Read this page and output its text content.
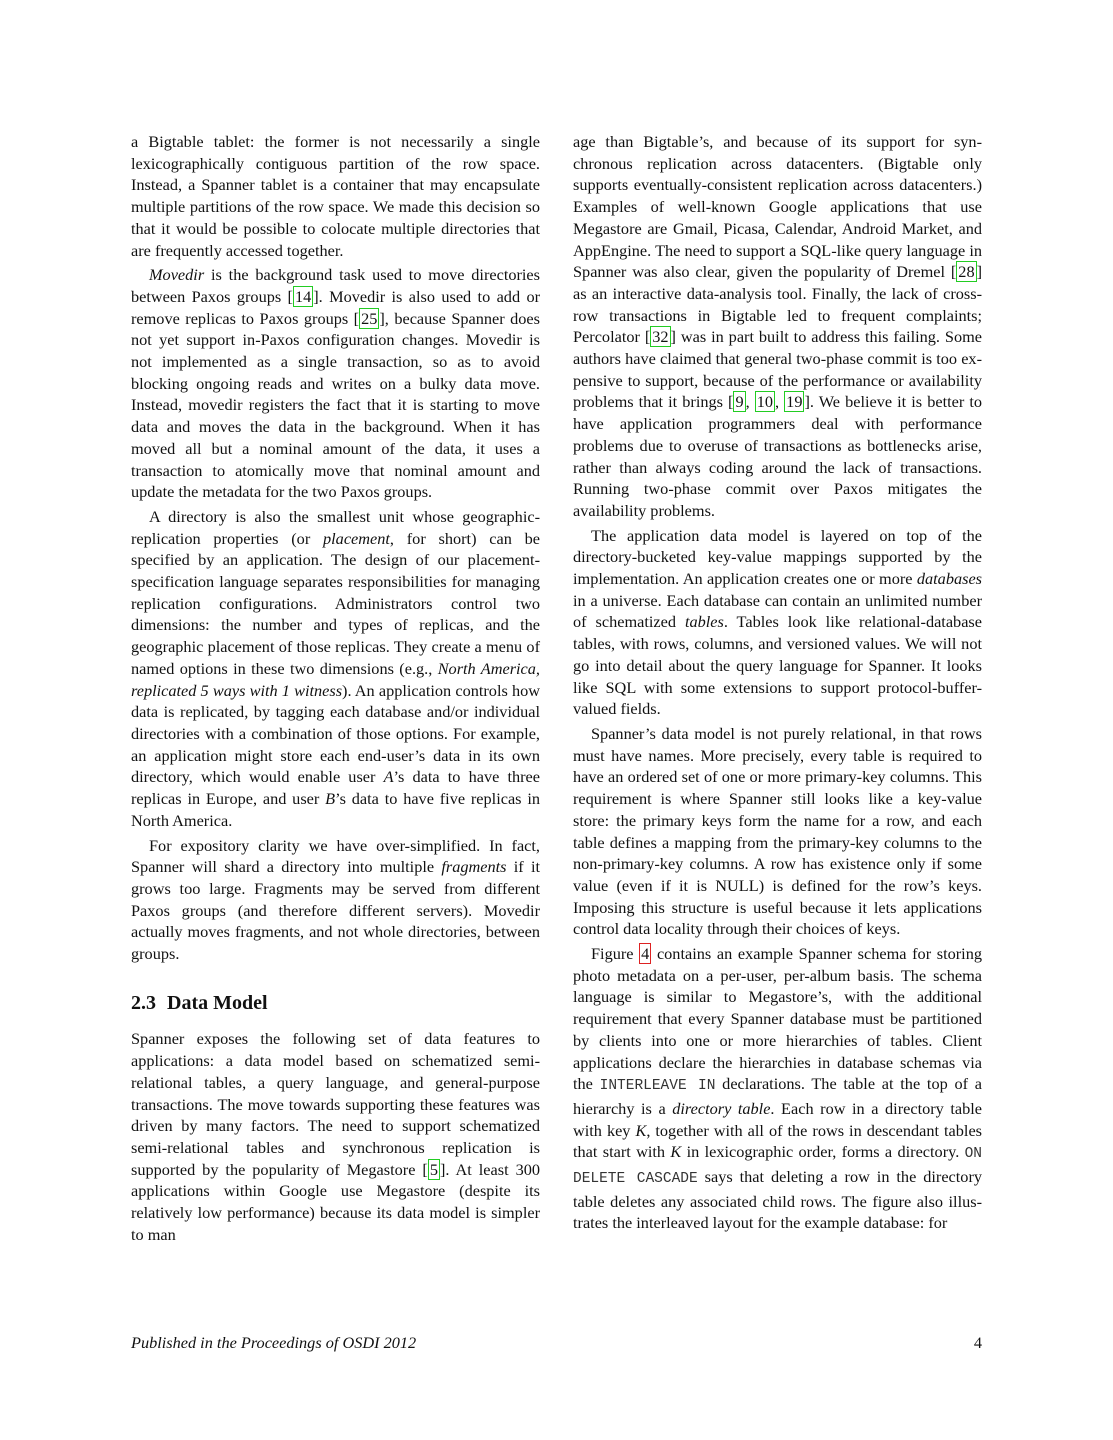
a Bigtable tablet: the former is not necessarily a single lexicographically contiguous partition of the row space. Instead, a Spanner tablet is a container that may encapsulate multiple partitions of the row space. We made this decision so that it would be possible to colocate multiple directories that are frequently accessed together.

Movedir is the background task used to move directories between Paxos groups [ 14 ]. Movedir is also used to add or remove replicas to Paxos groups [ 25 ], because Spanner does not yet support in-Paxos configuration changes. Movedir is not implemented as a single transaction, so as to avoid blocking ongoing reads and writes on a bulky data move. Instead, movedir registers the fact that it is starting to move data and moves the data in the background. When it has moved all but a nominal amount of the data, it uses a transaction to atomically move that nominal amount and update the metadata for the two Paxos groups.

A directory is also the smallest unit whose geographic-replication properties (or placement, for short) can be specified by an application. The design of our placement-specification language separates responsibilities for managing replication configurations. Administrators control two dimensions: the number and types of replicas, and the geographic placement of those replicas. They create a menu of named options in these two dimensions (e.g., North America, replicated 5 ways with 1 witness). An application controls how data is replicated, by tagging each database and/or individual directories with a combination of those options. For example, an application might store each end-user’s data in its own directory, which would enable user A’s data to have three replicas in Europe, and user B’s data to have five replicas in North America.

For expository clarity we have over-simplified. In fact, Spanner will shard a directory into multiple fragments if it grows too large. Fragments may be served from different Paxos groups (and therefore different servers). Movedir actually moves fragments, and not whole directories, between groups.

2.3 Data Model

Spanner exposes the following set of data features to applications: a data model based on schematized semi-relational tables, a query language, and general-purpose transactions. The move towards supporting these features was driven by many factors. The need to support schematized semi-relational tables and synchronous replication is supported by the popularity of Megastore [ 5 ]. At least 300 applications within Google use Megastore (despite its relatively low performance) because its data model is simpler to man

age than Bigtable’s, and because of its support for synchronous replication across datacenters. (Bigtable only supports eventually-consistent replication across datacenters.) Examples of well-known Google applications that use Megastore are Gmail, Picasa, Calendar, Android Market, and AppEngine. The need to support a SQL-like query language in Spanner was also clear, given the popularity of Dremel [ 28 ] as an interactive data-analysis tool. Finally, the lack of cross-row transactions in Bigtable led to frequent complaints; Percolator [ 32 ] was in part built to address this failing. Some authors have claimed that general two-phase commit is too expensive to support, because of the performance or availability problems that it brings [ 9 , 10 , 19 ]. We believe it is better to have application programmers deal with performance problems due to overuse of transactions as bottlenecks arise, rather than always coding around the lack of transactions. Running two-phase commit over Paxos mitigates the availability problems.

The application data model is layered on top of the directory-bucketed key-value mappings supported by the implementation. An application creates one or more databases in a universe. Each database can contain an unlimited number of schematized tables. Tables look like relational-database tables, with rows, columns, and versioned values. We will not go into detail about the query language for Spanner. It looks like SQL with some extensions to support protocol-buffer-valued fields.

Spanner’s data model is not purely relational, in that rows must have names. More precisely, every table is required to have an ordered set of one or more primary-key columns. This requirement is where Spanner still looks like a key-value store: the primary keys form the name for a row, and each table defines a mapping from the primary-key columns to the non-primary-key columns. A row has existence only if some value (even if it is NULL) is defined for the row’s keys. Imposing this structure is useful because it lets applications control data locality through their choices of keys.

Figure 4 contains an example Spanner schema for storing photo metadata on a per-user, per-album basis. The schema language is similar to Megastore’s, with the additional requirement that every Spanner database must be partitioned by clients into one or more hierarchies of tables. Client applications declare the hierarchies in database schemas via the INTERLEAVE IN declarations. The table at the top of a hierarchy is a directory table. Each row in a directory table with key K, together with all of the rows in descendant tables that start with K in lexicographic order, forms a directory. ON DELETE CASCADE says that deleting a row in the directory table deletes any associated child rows. The figure also illustrates the interleaved layout for the example database: for

Published in the Proceedings of OSDI 2012	4
